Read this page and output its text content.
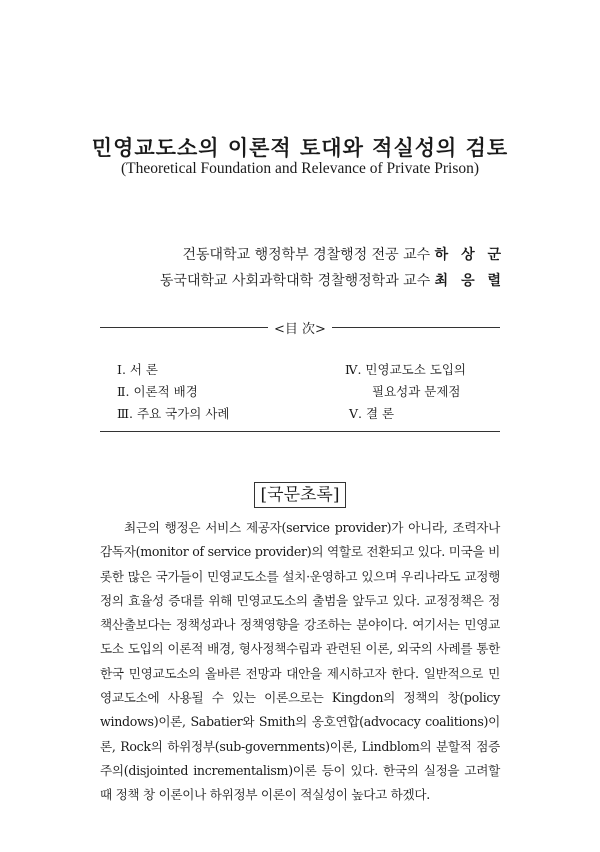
민영교도소의 이론적 토대와 적실성의 검토
(Theoretical Foundation and Relevance of Private Prison)
건동대학교 행정학부 경찰행정 전공 교수 하 상 군
동국대학교 사회과학대학 경찰행정학과 교수 최 응 렬
<目 次>
Ⅰ. 서 론
Ⅱ. 이론적 배경
Ⅲ. 주요 국가의 사례
Ⅳ. 민영교도소 도입의
필요성과 문제점
Ⅴ. 결 론
[국문초록]
최근의 행정은 서비스 제공자(service provider)가 아니라, 조력자나 감독자(monitor of service provider)의 역할로 전환되고 있다. 미국을 비롯한 많은 국가들이 민영교도소를 설치·운영하고 있으며 우리나라도 교정행정의 효율성 증대를 위해 민영교도소의 출범을 앞두고 있다. 교정정책은 정책산출보다는 정책성과나 정책영향을 강조하는 분야이다. 여기서는 민영교도소 도입의 이론적 배경, 형사정책수립과 관련된 이론, 외국의 사례를 통한 한국 민영교도소의 올바른 전망과 대안을 제시하고자 한다. 일반적으로 민영교도소에 사용될 수 있는 이론으로는 Kingdon의 정책의 창(policy windows)이론, Sabatier와 Smith의 옹호연합(advocacy coalitions)이론, Rock의 하위정부(sub-governments)이론, Lindblom의 분할적 점증주의(disjointed incrementalism)이론 등이 있다. 한국의 실정을 고려할 때 정책 창 이론이나 하위정부 이론이 적실성이 높다고 하겠다.
